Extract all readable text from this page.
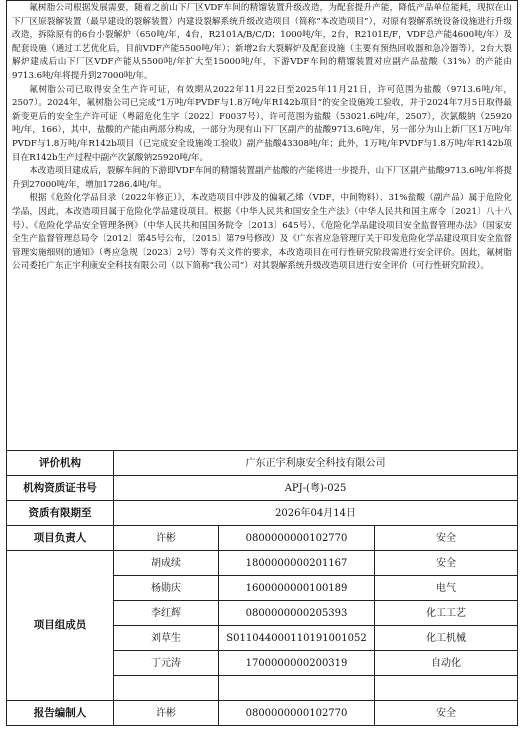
氟树脂公司根据发展需要，随着之前山下厂区VDF车间的精馏装置升级改造，为配套提升产能，降低产品单位能耗，现拟在山下厂区原裂解装置（最早建设的裂解装置）内建设裂解系统升级改造项目（简称“本改造项目”），对原有裂解系统设备设施进行升级改造，拆除原有的6台小裂解炉（650吨/年，4台，R2101A/B/C/D；1000吨/年，2台，R2101E/F，VDF总产能4600吨/年）及配套设施（通过工艺优化后，目前VDF产能5500吨/年）；新增2台大裂解炉及配套设施（主要有预热回收器和急冷器等），2台大裂解炉建成后山下厂区VDF产能从5500吨/年扩大至15000吨/年，下游VDF车间的精馏装置对应副产品盐酸（31%）的产能由9713.6吨/年将提升到27000吨/年。

氟树脂公司已取得安全生产许可证，有效期从2022年11月22日至2025年11月21日，许可范围为盐酸（9713.6吨/年，2507）。2024年，氟树脂公司已完成“1万吨/年PVDF与1.8万吨/年R142b项目”的安全设施竣工验收，并于2024年7月5日取得最新变更后的安全生产许可证（粤韶危化生字〔2022〕F0037号），许可范围为盐酸（53021.6吨/年，2507），次氯酸钠（25920吨/年，166），其中，盐酸的产能由两部分构成，一部分为现有山下厂区副产的盐酸9713.6吨/年，另一部分为山上新厂区1万吨/年PVDF与1.8万吨/年R142b项目（已完成安全设施竣工验收）副产盐酸43308吨/年；此外，1万吨/年PVDF与1.8万吨/年R142b项目在R142b生产过程中副产次氯酸钠25920吨/年。

本改造项目建成后，裂解车间的下游即VDF车间的精馏装置副产盐酸的产能将进一步提升，山下厂区副产盐酸9713.6吨/年将提升到27000吨/年，增加17286.4吨/年。

根据《危险化学品目录（2022年修正）》，本改造项目中涉及的偏氟乙烯（VDF，中间物料）、31%盐酸（副产品）属于危险化学品，因此，本改造项目属于危险化学品建设项目。根据《中华人民共和国安全生产法》（中华人民共和国主席令〔2021〕八十八号）、《危险化学品安全管理条例》（中华人民共和国国务院令〔2013〕645号）、《危险化学品建设项目安全监督管理办法》（国家安全生产监督管理总局令〔2012〕第45号公布，〔2015〕第79号修改）及《广东省应急管理厅关于印发危险化学品建设项目安全监督管理实施细则的通知》（粤应急规〔2023〕2号）等有关文件的要求，本改造项目在可行性研究阶段需进行安全评价。因此，氟树脂公司委托广东正宇利康安全科技有限公司（以下简称“我公司”）对其裂解系统升级改造项目进行安全评价（可行性研究阶段）。			

评价机构	广东正宇利康安全科技有限公司		
机构资质证书号	APJ-(粤)-025		
资质有限期至	2026年04月14日		
项目负责人	许彬	0800000000102770	安全
项目组成员	胡成续	1800000000201167	安全
	杨勋庆	1600000000100189	电气
	李红辉	0800000000205393	化工工艺
	刘草生	S011044000110191001052	化工机械
	丁元涛	1700000000200319	自动化

报告编制人	许彬	0800000000102770	安全
